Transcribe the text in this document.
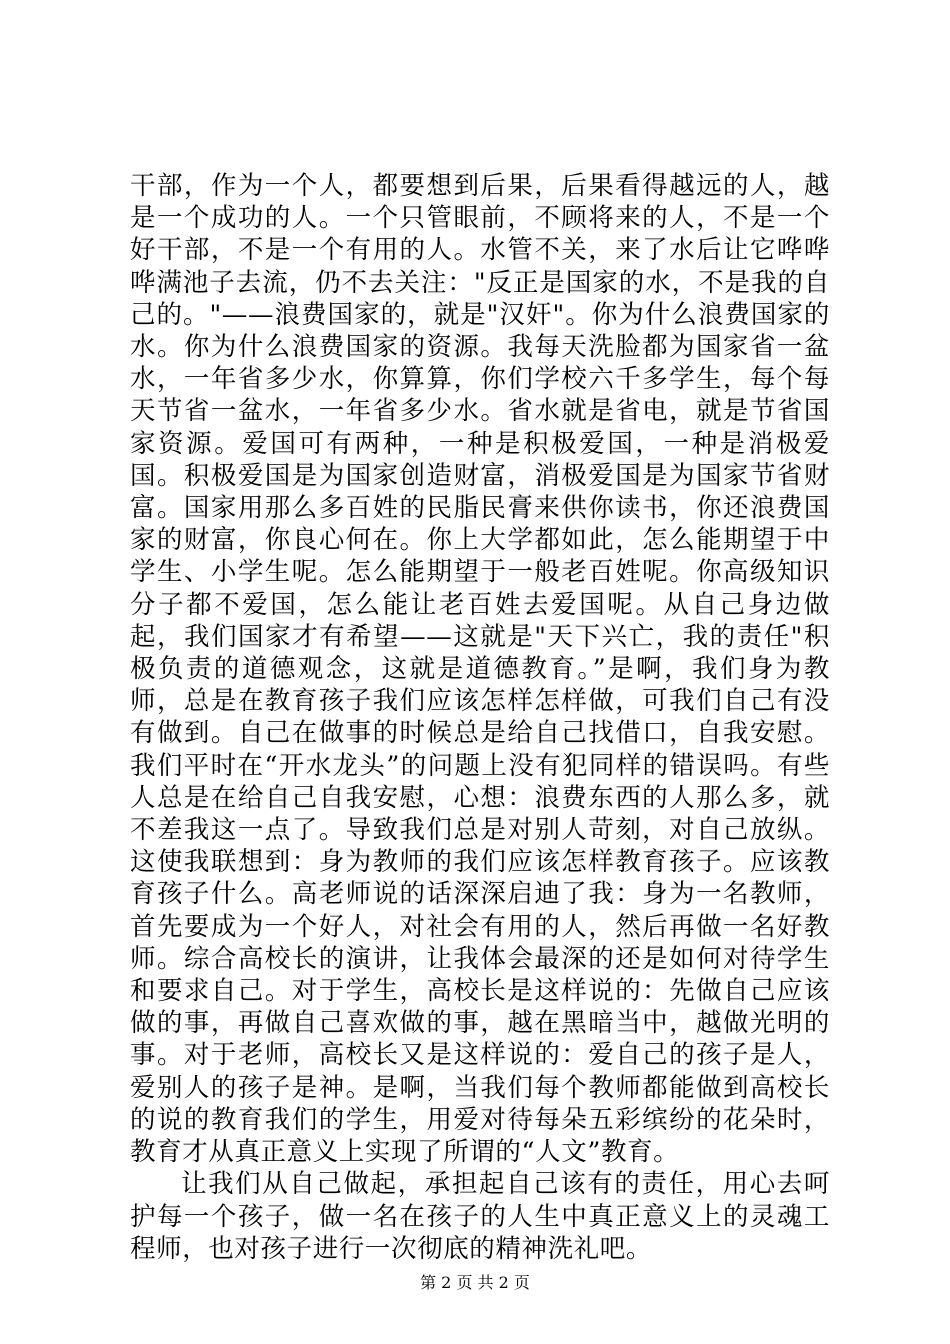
干部，作为一个人，都要想到后果，后果看得越远的人，越是一个成功的人。一个只管眼前，不顾将来的人，不是一个好干部，不是一个有用的人。水管不关，来了水后让它哗哗哗满池子去流，仍不去关注："反正是国家的水，不是我的自己的。"——浪费国家的，就是"汉奸"。你为什么浪费国家的水。你为什么浪费国家的资源。我每天洗脸都为国家省一盆水，一年省多少水，你算算，你们学校六千多学生，每个每天节省一盆水，一年省多少水。省水就是省电，就是节省国家资源。爱国可有两种，一种是积极爱国，一种是消极爱国。积极爱国是为国家创造财富，消极爱国是为国家节省财富。国家用那么多百姓的民脂民膏来供你读书，你还浪费国家的财富，你良心何在。你上大学都如此，怎么能期望于中学生、小学生呢。怎么能期望于一般老百姓呢。你高级知识分子都不爱国，怎么能让老百姓去爱国呢。从自己身边做起，我们国家才有希望——这就是"天下兴亡，我的责任"积极负责的道德观念，这就是道德教育。”是啊，我们身为教师，总是在教育孩子我们应该怎样怎样做，可我们自己有没有做到。自己在做事的时候总是给自己找借口，自我安慰。我们平时在“开水龙头”的问题上没有犯同样的错误吗。有些人总是在给自己自我安慰，心想：浪费东西的人那么多，就不差我这一点了。导致我们总是对别人苛刻，对自己放纵。这使我联想到：身为教师的我们应该怎样教育孩子。应该教育孩子什么。高老师说的话深深启迪了我：身为一名教师，首先要成为一个好人，对社会有用的人，然后再做一名好教师。综合高校长的演讲，让我体会最深的还是如何对待学生和要求自己。对于学生，高校长是这样说的：先做自己应该做的事，再做自己喜欢做的事，越在黑暗当中，越做光明的事。对于老师，高校长又是这样说的：爱自己的孩子是人，爱别人的孩子是神。是啊，当我们每个教师都能做到高校长的说的教育我们的学生，用爱对待每朵五彩缤纷的花朵时，教育才从真正意义上实现了所谓的“人文”教育。

让我们从自己做起，承担起自己该有的责任，用心去呵护每一个孩子，做一名在孩子的人生中真正意义上的灵魂工程师，也对孩子进行一次彻底的精神洗礼吧。

第 2 页 共 2 页
